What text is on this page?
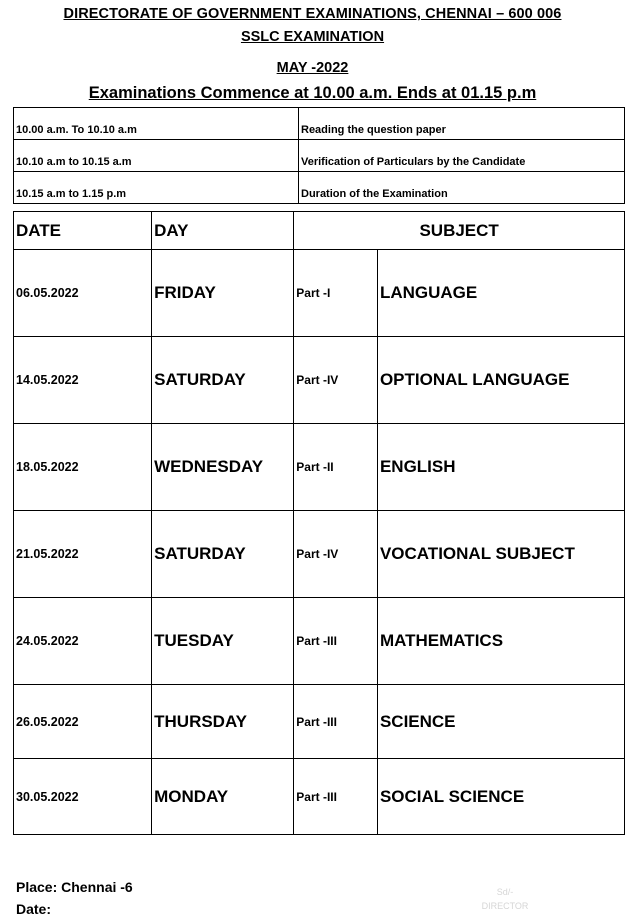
DIRECTORATE OF GOVERNMENT EXAMINATIONS, CHENNAI – 600 006
SSLC EXAMINATION
MAY -2022
Examinations Commence at 10.00 a.m. Ends at 01.15 p.m
10.00 a.m. To 10.10 a.m	Reading the question paper
10.10 a.m to 10.15 a.m	Verification of Particulars by the Candidate
10.15 a.m to 1.15 p.m	Duration of the Examination
DATE	DAY	SUBJECT	
06.05.2022	FRIDAY	Part -I	LANGUAGE
14.05.2022	SATURDAY	Part -IV	OPTIONAL LANGUAGE
18.05.2022	WEDNESDAY	Part -II	ENGLISH
21.05.2022	SATURDAY	Part -IV	VOCATIONAL SUBJECT
24.05.2022	TUESDAY	Part -III	MATHEMATICS
26.05.2022	THURSDAY	Part -III	SCIENCE
30.05.2022	MONDAY	Part -III	SOCIAL SCIENCE
Place: Chennai -6
Date:
Sd/-
DIRECTOR
